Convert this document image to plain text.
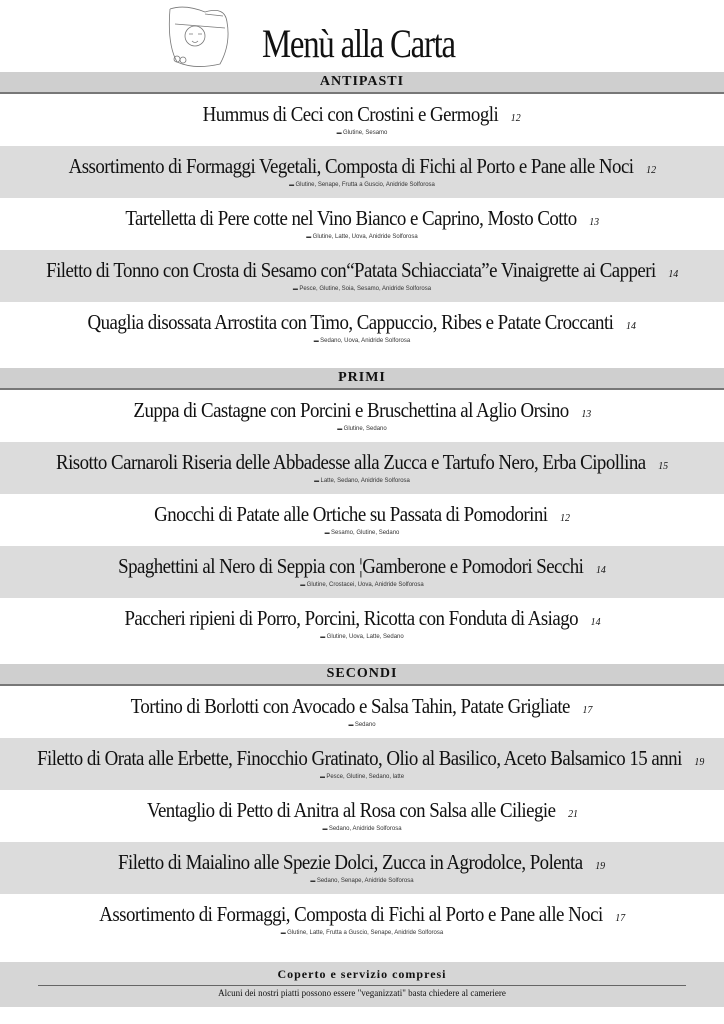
Menù alla Carta
ANTIPASTI
Hummus di Ceci con Crostini e Germogli 12
▬ Glutine, Sesamo
Assortimento di Formaggi Vegetali, Composta di Fichi al Porto e Pane alle Noci 12
▬ Glutine, Senape, Frutta a Guscio, Anidride Solforosa
Tartelletta di Pere cotte nel Vino Bianco e Caprino, Mosto Cotto 13
▬ Glutine, Latte, Uova, Anidride Solforosa
Filetto di Tonno con Crosta di Sesamo con“Patata Schiacciata”e Vinaigrette ai Capperi 14
▬ Pesce, Glutine, Soia, Sesamo, Anidride Solforosa
Quaglia disossata Arrostita con Timo, Cappuccio, Ribes e Patate Croccanti 14
▬ Sedano, Uova, Anidride Solforosa
PRIMI
Zuppa di Castagne con Porcini e Bruschettina al Aglio Orsino 13
▬ Glutine, Sedano
Risotto Carnaroli Riseria delle Abbadesse alla Zucca e Tartufo Nero, Erba Cipollina 15
▬ Latte, Sedano, Anidride Solforosa
Gnocchi di Patate alle Ortiche su Passata di Pomodorini 12
▬ Sesamo, Glutine, Sedano
Spaghettini al Nero di Seppia con ¦Gamberone e Pomodori Secchi 14
▬ Glutine, Crostacei, Uova, Anidride Solforosa
Paccheri ripieni di Porro, Porcini, Ricotta con Fonduta di Asiago 14
▬ Glutine, Uova, Latte, Sedano
SECONDI
Tortino di Borlotti con Avocado e Salsa Tahin, Patate Grigliate 17
▬ Sedano
Filetto di Orata alle Erbette, Finocchio Gratinato, Olio al Basilico, Aceto Balsamico 15 anni 19
▬ Pesce, Glutine, Sedano, latte
Ventaglio di Petto di Anitra al Rosa con Salsa alle Ciliegie 21
▬ Sedano, Anidride Solforosa
Filetto di Maialino alle Spezie Dolci, Zucca in Agrodolce, Polenta 19
▬ Sedano, Senape, Anidride Solforosa
Assortimento di Formaggi, Composta di Fichi al Porto e Pane alle Noci 17
▬ Glutine, Latte, Frutta a Guscio, Senape, Anidride Solforosa
Coperto e servizio compresi
Alcuni dei nostri piatti possono essere "veganizzati" basta chiedere al cameriere
